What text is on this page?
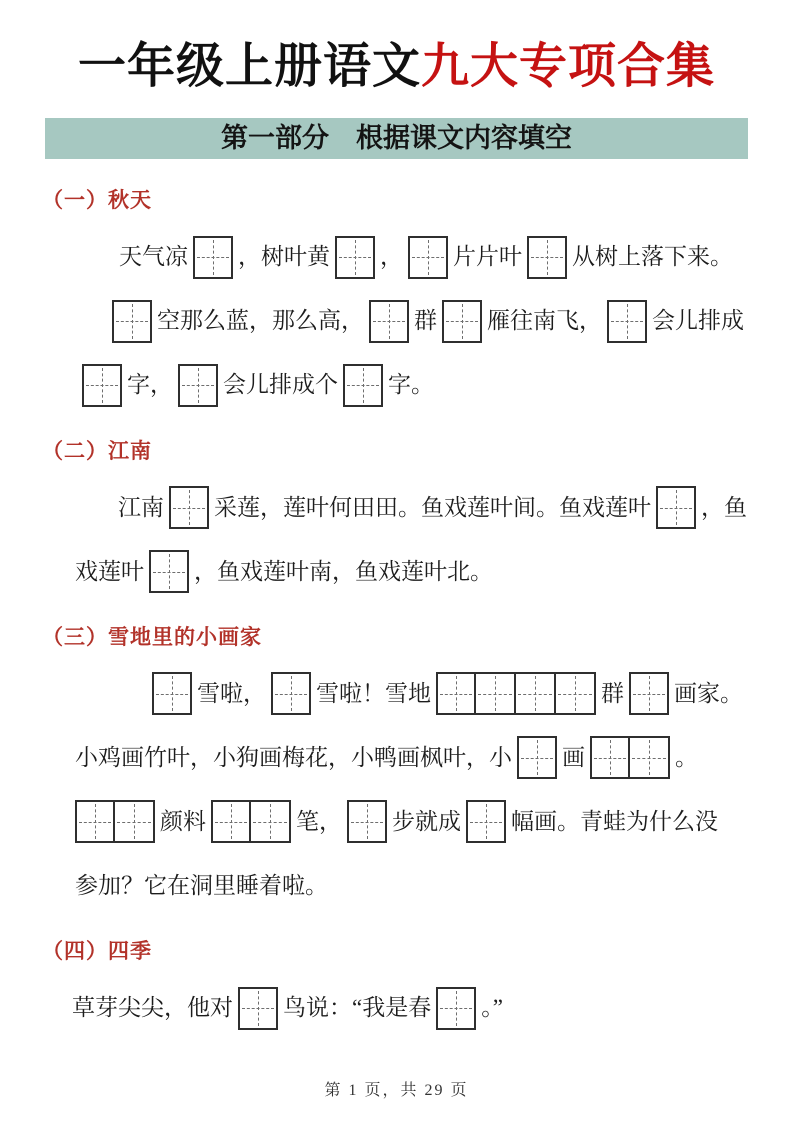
一年级上册语文九大专项合集
第一部分　根据课文内容填空
（一）秋天
天气凉 ，树叶黄 ， 片片叶 从树上落下来。
空那么蓝，那么高， 群 雁往南飞， 会儿排成
字， 会儿排成个 字。
（二）江南
江南 采莲，莲叶何田田。鱼戏莲叶间。鱼戏莲叶 ，鱼
戏莲叶 ，鱼戏莲叶南，鱼戏莲叶北。
（三）雪地里的小画家
雪啦， 雪啦！雪地	群 画家。
小鸡画竹叶，小狗画梅花，小鸭画枫叶，小 画	。
颜料	笔， 步就成 幅画。青蛙为什么没
参加？它在洞里睡着啦。
（四）四季
草芽尖尖，他对 鸟说：“我是春 。”
第 1 页，共 29 页
